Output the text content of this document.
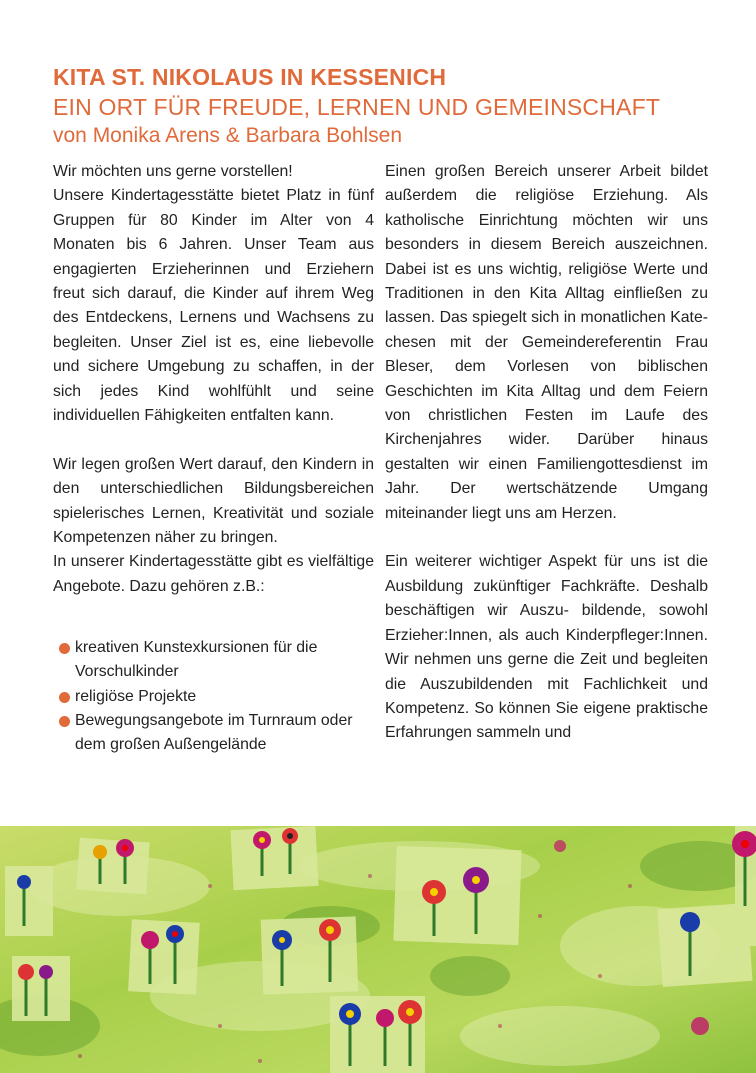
KITA ST. NIKOLAUS IN KESSENICH
EIN ORT FÜR FREUDE, LERNEN UND GEMEINSCHAFT
von Monika Arens & Barbara Bohlsen

Wir möchten uns gerne vorstellen!

Unsere Kindertagesstätte bietet Platz in fünf Gruppen für 80 Kinder im Alter von 4 Monaten bis 6 Jahren. Unser Team aus engagierten Erzieherinnen und Erziehern freut sich darauf, die Kinder auf ihrem Weg des Entdeckens, Lernens und Wachsens zu begleiten. Unser Ziel ist es, eine liebevolle und sichere Umgebung zu schaffen, in der sich jedes Kind wohlfühlt und seine individuellen Fähigkeiten entfalten kann.

Wir legen großen Wert darauf, den Kindern in den unterschiedlichen Bildungsbereichen spielerisches Lernen, Kreativität und soziale Kompetenzen näher zu bringen.

In unserer Kindertagesstätte gibt es vielfältige Angebote. Dazu gehören z.B.:

kreativen Kunstexkursionen für die Vorschulkinder
religiöse Projekte
Bewegungsangebote im Turnraum oder dem großen Außengelände

Einen großen Bereich unserer Arbeit bildet außerdem die religiöse Erziehung. Als katholische Einrichtung möchten wir uns besonders in diesem Bereich auszeichnen. Dabei ist es uns wichtig, religiöse Werte und Traditionen in den Kita Alltag einfließen zu lassen. Das spiegelt sich in monatlichen Kate- chesen mit der Gemeindereferentin Frau Bleser, dem Vorlesen von biblischen Geschichten im Kita Alltag und dem Feiern von christlichen Festen im Laufe des Kirchenjahres wider. Darüber hinaus gestalten wir einen Familiengottesdienst im Jahr. Der wertschätzende Umgang miteinander liegt uns am Herzen.

Ein weiterer wichtiger Aspekt für uns ist die Ausbildung zukünftiger Fachkräfte. Deshalb beschäftigen wir Auszu- bildende, sowohl Erzieher:Innen, als auch Kinderpfleger:Innen. Wir nehmen uns gerne die Zeit und begleiten die Auszubildenden mit Fachlichkeit und Kompetenz. So können Sie eigene praktische Erfahrungen sammeln und
